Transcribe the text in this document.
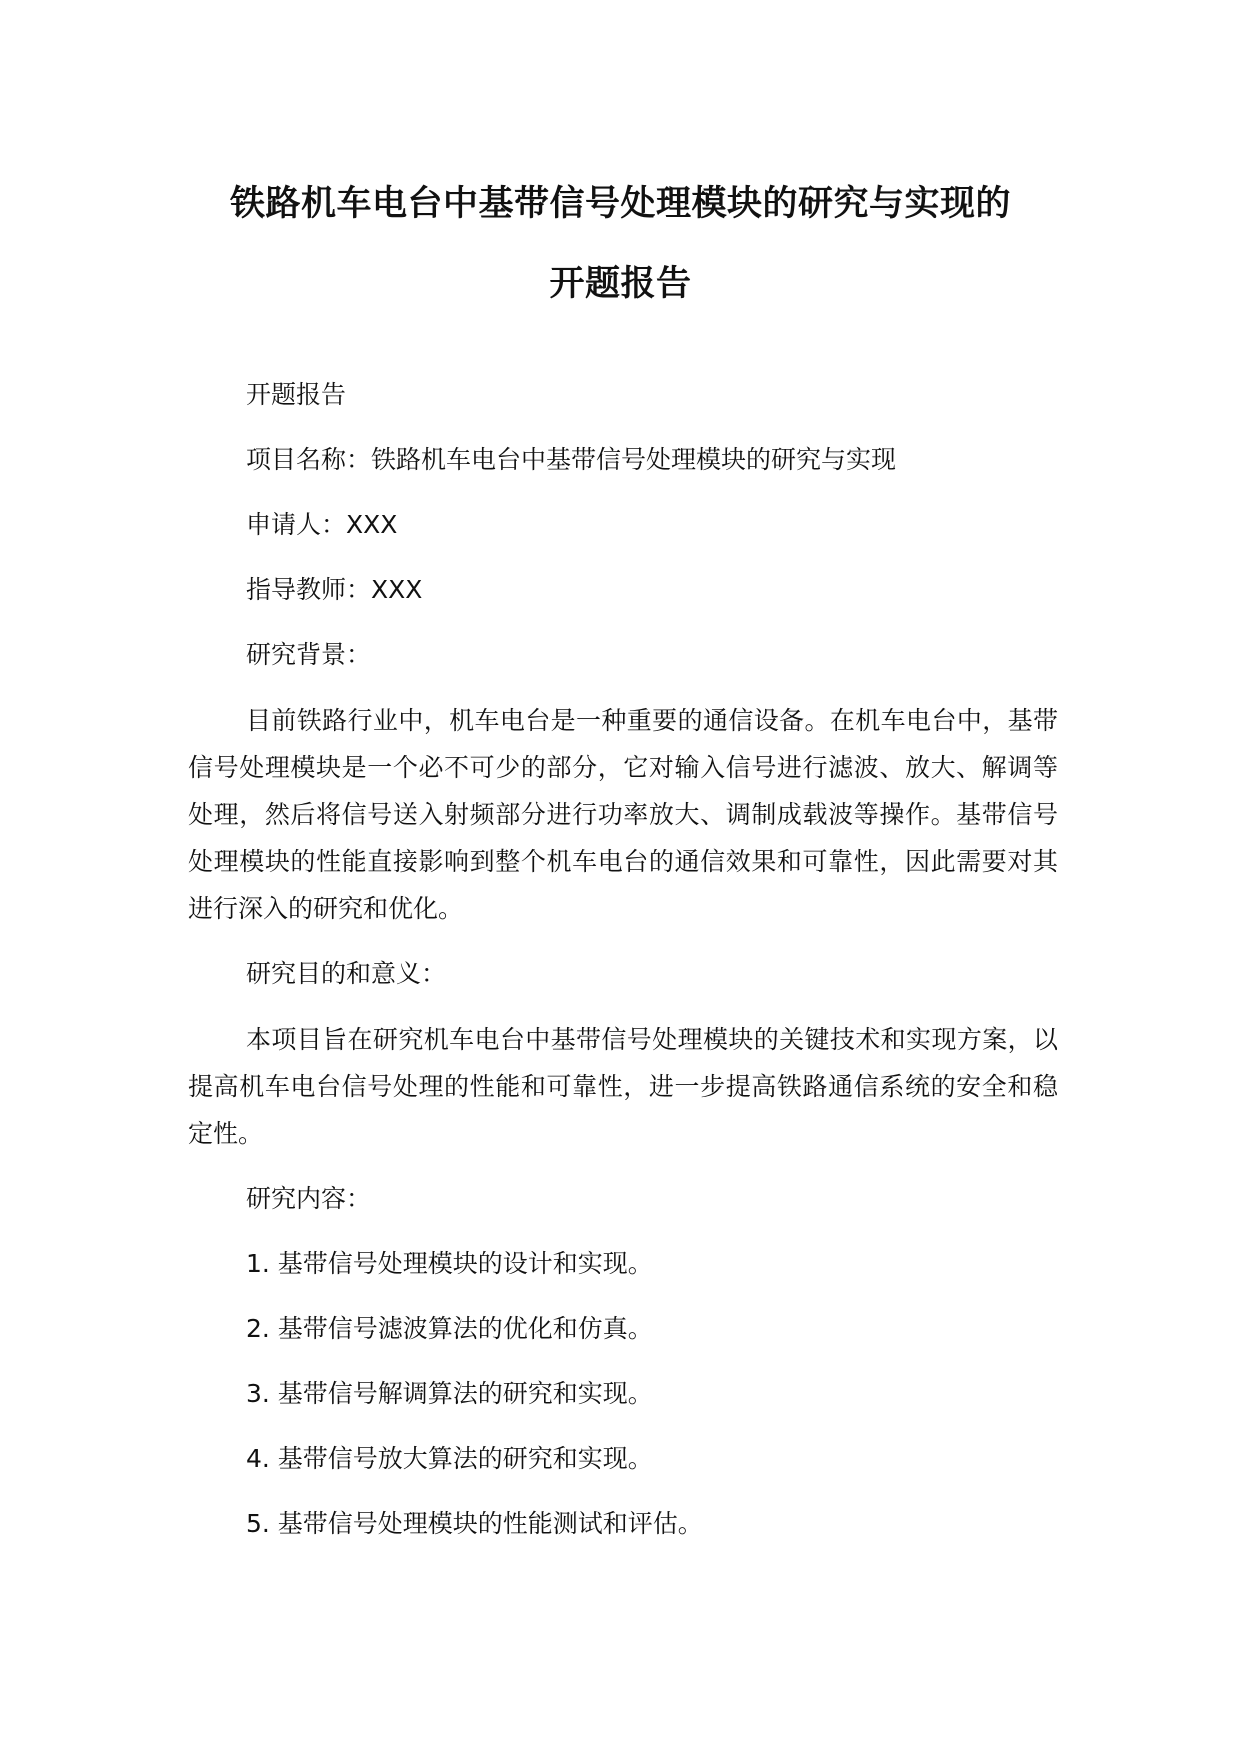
铁路机车电台中基带信号处理模块的研究与实现的
开题报告

开题报告

项目名称：铁路机车电台中基带信号处理模块的研究与实现

申请人：XXX

指导教师：XXX

研究背景：

目前铁路行业中，机车电台是一种重要的通信设备。在机车电台中，基带信号处理模块是一个必不可少的部分，它对输入信号进行滤波、放大、解调等处理，然后将信号送入射频部分进行功率放大、调制成载波等操作。基带信号处理模块的性能直接影响到整个机车电台的通信效果和可靠性，因此需要对其进行深入的研究和优化。

研究目的和意义：

本项目旨在研究机车电台中基带信号处理模块的关键技术和实现方案，以提高机车电台信号处理的性能和可靠性，进一步提高铁路通信系统的安全和稳定性。

研究内容：

1. 基带信号处理模块的设计和实现。

2. 基带信号滤波算法的优化和仿真。

3. 基带信号解调算法的研究和实现。

4. 基带信号放大算法的研究和实现。

5. 基带信号处理模块的性能测试和评估。
